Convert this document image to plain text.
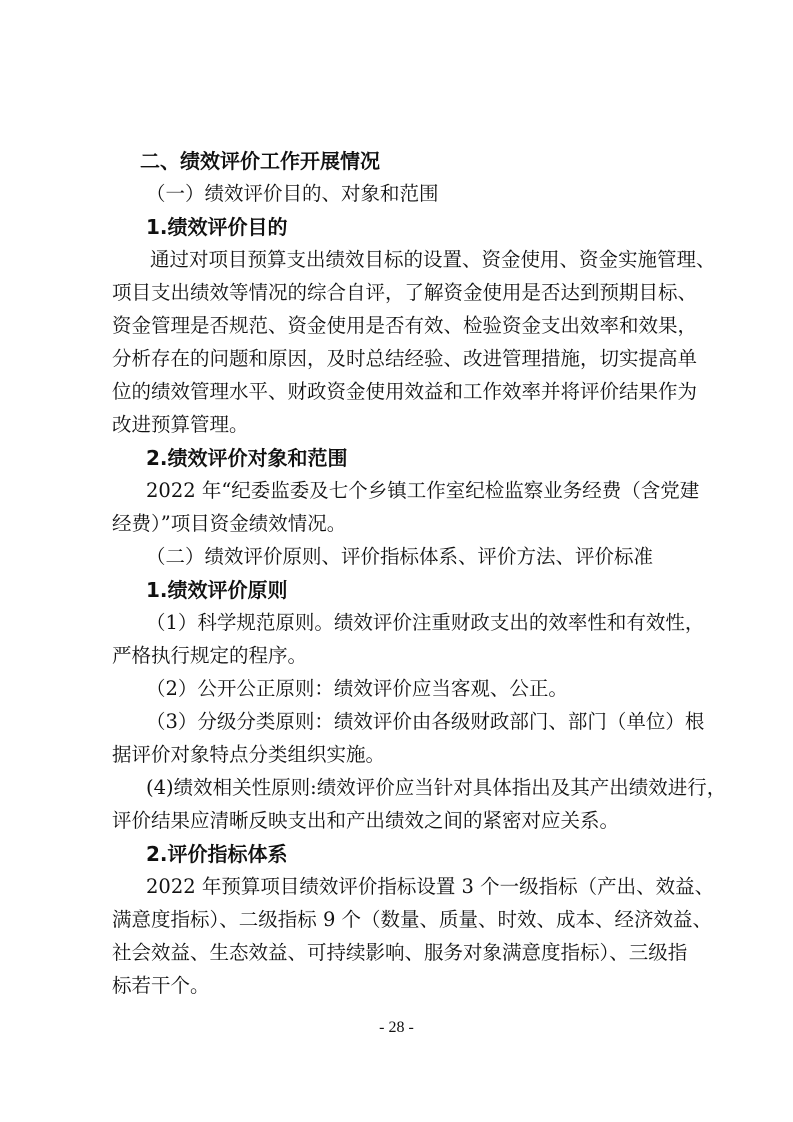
二、绩效评价工作开展情况
（一）绩效评价目的、对象和范围
1.绩效评价目的
通过对项目预算支出绩效目标的设置、资金使用、资金实施管理、
项目支出绩效等情况的综合自评，了解资金使用是否达到预期目标、
资金管理是否规范、资金使用是否有效、检验资金支出效率和效果，
分析存在的问题和原因，及时总结经验、改进管理措施，切实提高单
位的绩效管理水平、财政资金使用效益和工作效率并将评价结果作为
改进预算管理。
2.绩效评价对象和范围
2022 年“纪委监委及七个乡镇工作室纪检监察业务经费（含党建
经费）”项目资金绩效情况。
（二）绩效评价原则、评价指标体系、评价方法、评价标准
1.绩效评价原则
（1）科学规范原则。绩效评价注重财政支出的效率性和有效性，
严格执行规定的程序。
（2）公开公正原则：绩效评价应当客观、公正。
（3）分级分类原则：绩效评价由各级财政部门、部门（单位）根
据评价对象特点分类组织实施。
(4)绩效相关性原则:绩效评价应当针对具体指出及其产出绩效进行，
评价结果应清晰反映支出和产出绩效之间的紧密对应关系。
2.评价指标体系
2022 年预算项目绩效评价指标设置 3 个一级指标（产出、效益、
满意度指标）、二级指标 9 个（数量、质量、时效、成本、经济效益、
社会效益、生态效益、可持续影响、服务对象满意度指标）、三级指
标若干个。
- 28 -
